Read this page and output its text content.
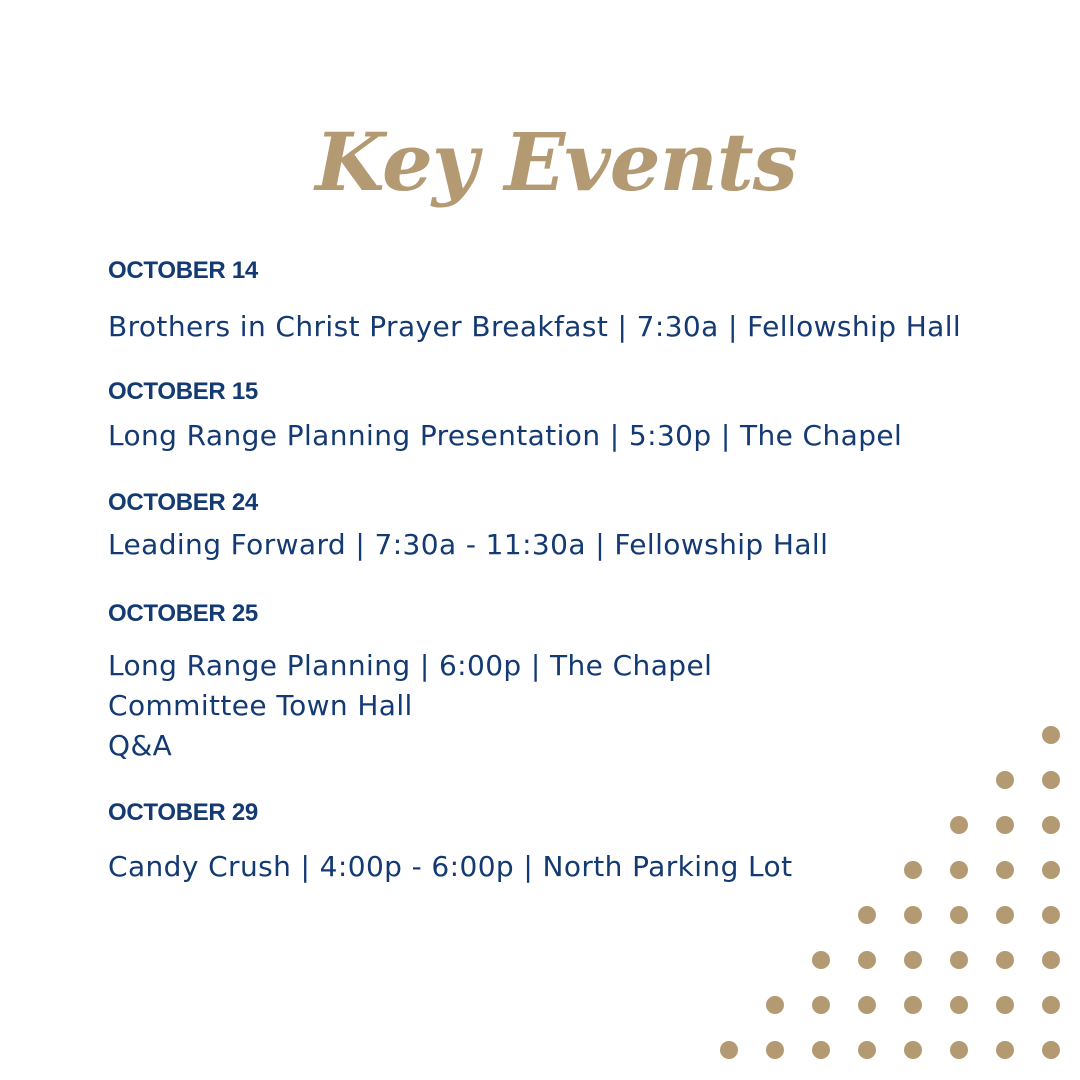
Key Events
OCTOBER 14
Brothers in Christ Prayer Breakfast | 7:30a | Fellowship Hall
OCTOBER 15
Long Range Planning Presentation | 5:30p | The Chapel
OCTOBER 24
Leading Forward | 7:30a - 11:30a | Fellowship Hall
OCTOBER 25
Long Range Planning | 6:00p | The Chapel
Committee Town Hall
Q&A
OCTOBER 29
Candy Crush | 4:00p - 6:00p | North Parking Lot
